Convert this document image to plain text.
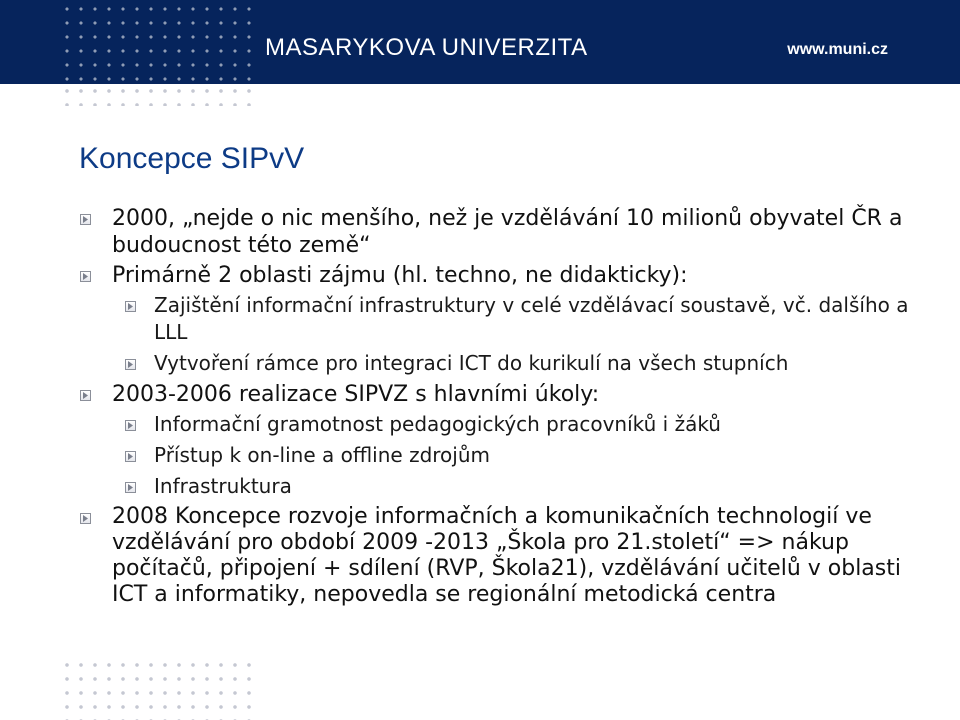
MASARYKOVA UNIVERZITA	www.muni.cz
Koncepce SIPvV
2000, „nejde o nic menšího, než je vzdělávání 10 milionů obyvatel ČR a budoucnost této země“
Primárně 2 oblasti zájmu (hl. techno, ne didakticky):
Zajištění informační infrastruktury v celé vzdělávací soustavě, vč. dalšího a LLL
Vytvoření rámce pro integraci ICT do kurikulí na všech stupních
2003-2006 realizace SIPVZ s hlavními úkoly:
Informační gramotnost pedagogických pracovníků i žáků
Přístup k on-line a offline zdrojům
Infrastruktura
2008 Koncepce rozvoje informačních a komunikačních technologií ve vzdělávání pro období 2009 -2013 „Škola pro 21.století“ => nákup počítačů, připojení + sdílení (RVP, Škola21), vzdělávání učitelů v oblasti ICT a informatiky, nepovedla se regionální metodická centra
